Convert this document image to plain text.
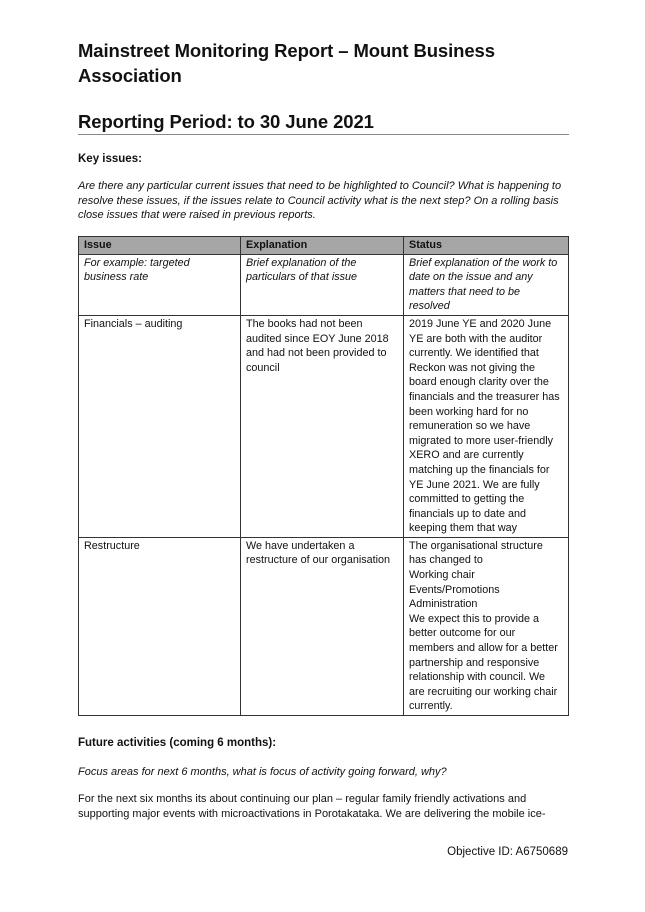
Mainstreet Monitoring Report – Mount Business Association
Reporting Period: to 30 June 2021
Key issues:
Are there any particular current issues that need to be highlighted to Council? What is happening to resolve these issues, if the issues relate to Council activity what is the next step? On a rolling basis close issues that were raised in previous reports.
Issue	Explanation	Status
For example: targeted business rate	Brief explanation of the particulars of that issue	Brief explanation of the work to date on the issue and any matters that need to be resolved
Financials – auditing	The books had not been audited since EOY June 2018 and had not been provided to council	2019 June YE and 2020 June YE are both with the auditor currently. We identified that Reckon was not giving the board enough clarity over the financials and the treasurer has been working hard for no remuneration so we have migrated to more user-friendly XERO and are currently matching up the financials for YE June 2021. We are fully committed to getting the financials up to date and keeping them that way
Restructure	We have undertaken a restructure of our organisation	The organisational structure has changed to
Working chair
Events/Promotions
Administration
We expect this to provide a better outcome for our members and allow for a better partnership and responsive relationship with council. We are recruiting our working chair currently.
Future activities (coming 6 months):
Focus areas for next 6 months, what is focus of activity going forward, why?
For the next six months its about continuing our plan – regular family friendly activations and supporting major events with microactivations in Porotakataka. We are delivering the mobile ice-
Objective ID: A6750689
